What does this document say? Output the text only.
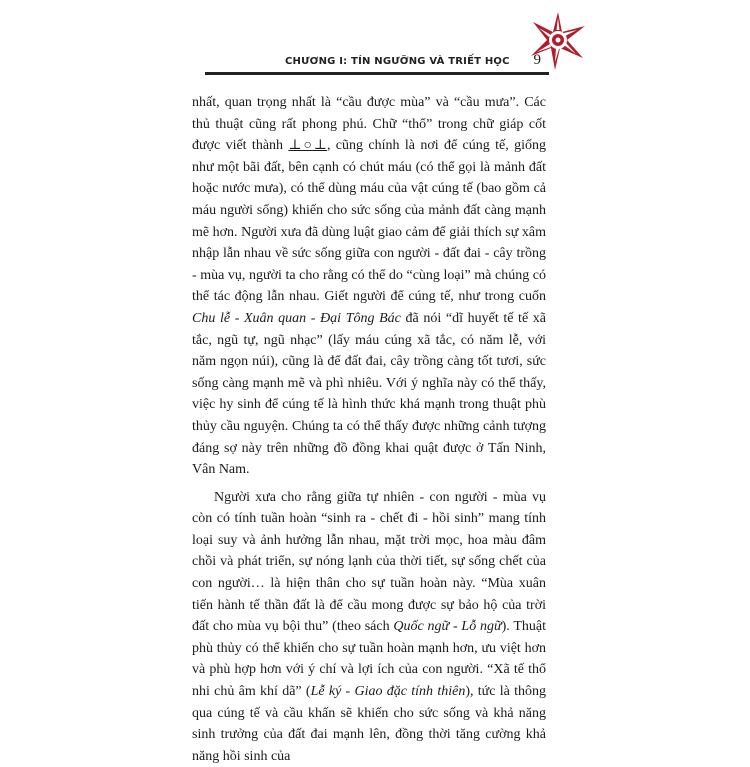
CHƯƠNG I: TÍN NGƯỠNG VÀ TRIẾT HỌC 9

nhất, quan trọng nhất là “cầu được mùa” và “cầu mưa”. Các thủ thuật cũng rất phong phú. Chữ “thổ” trong chữ giáp cốt được viết thành ⊥○⊥, cũng chính là nơi để cúng tế, giống như một bãi đất, bên cạnh có chút máu (có thể gọi là mảnh đất hoặc nước mưa), có thể dùng máu của vật cúng tế (bao gồm cả máu người sống) khiến cho sức sống của mảnh đất càng mạnh mẽ hơn. Người xưa đã dùng luật giao cảm để giải thích sự xâm nhập lẫn nhau về sức sống giữa con người - đất đai - cây trồng - mùa vụ, người ta cho rằng có thể do “cùng loại” mà chúng có thể tác động lẫn nhau. Giết người để cúng tế, như trong cuốn Chu lễ - Xuân quan - Đại Tông Bác đã nói “dĩ huyết tế tế xã tắc, ngũ tự, ngũ nhạc” (lấy máu cúng xã tắc, có năm lễ, với năm ngọn núi), cũng là để đất đai, cây trồng càng tốt tươi, sức sống càng mạnh mẽ và phì nhiêu. Với ý nghĩa này có thể thấy, việc hy sinh để cúng tế là hình thức khá mạnh trong thuật phù thủy cầu nguyện. Chúng ta có thể thấy được những cảnh tượng đáng sợ này trên những đồ đồng khai quật được ở Tấn Ninh, Vân Nam.

Người xưa cho rằng giữa tự nhiên - con người - mùa vụ còn có tính tuần hoàn “sinh ra - chết đi - hồi sinh” mang tính loại suy và ảnh hưởng lẫn nhau, mặt trời mọc, hoa màu đâm chồi và phát triển, sự nóng lạnh của thời tiết, sự sống chết của con người… là hiện thân cho sự tuần hoàn này. “Mùa xuân tiến hành tế thần đất là để cầu mong được sự bảo hộ của trời đất cho mùa vụ bội thu” (theo sách Quốc ngữ - Lỗ ngữ). Thuật phù thủy có thể khiến cho sự tuần hoàn mạnh hơn, ưu việt hơn và phù hợp hơn với ý chí và lợi ích của con người. “Xã tế thổ nhi chủ âm khí dã” (Lễ ký - Giao đặc tính thiên), tức là thông qua cúng tế và cầu khấn sẽ khiến cho sức sống và khả năng sinh trưởng của đất đai mạnh lên, đồng thời tăng cường khả năng hồi sinh của
